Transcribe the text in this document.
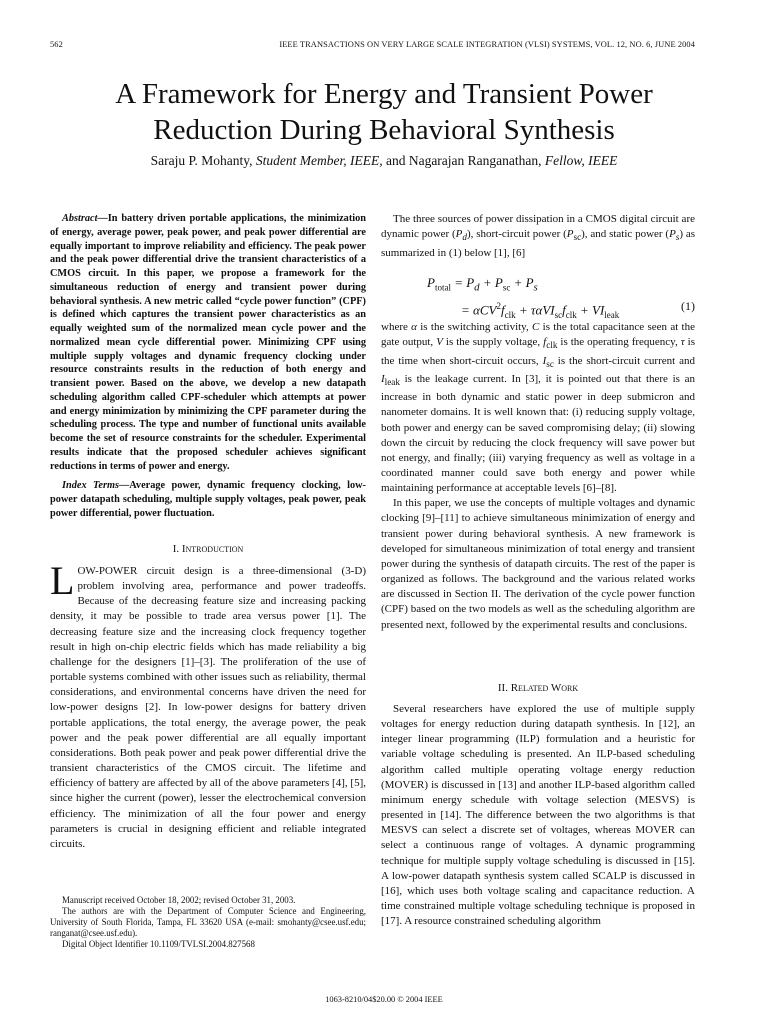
562	IEEE TRANSACTIONS ON VERY LARGE SCALE INTEGRATION (VLSI) SYSTEMS, VOL. 12, NO. 6, JUNE 2004
A Framework for Energy and Transient Power
Reduction During Behavioral Synthesis
Saraju P. Mohanty, Student Member, IEEE, and Nagarajan Ranganathan, Fellow, IEEE

Abstract—In battery driven portable applications, the minimization of energy, average power, peak power, and peak power differential are equally important to improve reliability and efficiency. The peak power and the peak power differential drive the transient characteristics of a CMOS circuit. In this paper, we propose a framework for the simultaneous reduction of energy and transient power during behavioral synthesis. A new metric called “cycle power function” (CPF) is defined which captures the transient power characteristics as an equally weighted sum of the normalized mean cycle power and the normalized mean cycle differential power. Minimizing CPF using multiple supply voltages and dynamic frequency clocking under resource constraints results in the reduction of both energy and transient power. Based on the above, we develop a new datapath scheduling algorithm called CPF-scheduler which attempts at power and energy minimization by minimizing the CPF parameter during the scheduling process. The type and number of functional units available become the set of resource constraints for the scheduler. Experimental results indicate that the proposed scheduler achieves significant reductions in terms of power and energy.

Index Terms—Average power, dynamic frequency clocking, low-power datapath scheduling, multiple supply voltages, peak power, peak power differential, power fluctuation.

I. Introduction

LOW-POWER circuit design is a three-dimensional (3-D) problem involving area, performance and power tradeoffs. Because of the decreasing feature size and increasing packing density, it may be possible to trade area versus power [1]. The decreasing feature size and the increasing clock frequency together result in high on-chip electric fields which has made reliability a big challenge for the designers [1]–[3]. The proliferation of the use of portable systems combined with other issues such as reliability, thermal considerations, and environmental concerns have driven the need for low-power designs [2]. In low-power designs for battery driven portable applications, the total energy, the average power, the peak power and the peak power differential are all equally important considerations. Both peak power and peak power differential drive the transient characteristics of the CMOS circuit. The lifetime and efficiency of battery are affected by all of the above parameters [4], [5], since higher the current (power), lesser the electrochemical conversion efficiency. The minimization of all the four power and energy parameters is crucial in designing efficient and reliable integrated circuits.

Manuscript received October 18, 2002; revised October 31, 2003.

The authors are with the Department of Computer Science and Engineering, University of South Florida, Tampa, FL 33620 USA (e-mail: smohanty@csee.usf.edu; ranganat@csee.usf.edu).

Digital Object Identifier 10.1109/TVLSI.2004.827568

The three sources of power dissipation in a CMOS digital circuit are dynamic power $(P_d)$, short-circuit power $(P_{sc})$, and static power $(P_s)$ as summarized in (1) below [1], [6]

$P_{total} = P_d + P_{sc} + P_s$
= $\alpha CV^2f_{clk} + \tau\alpha VI_{sc}f_{clk} + VI_{leak}$
(1)

where α is the switching activity, C is the total capacitance seen at the gate output, V is the supply voltage, $f_{clk}$ is the operating frequency, τ is the time when short-circuit occurs, $I_{sc}$ is the short-circuit current and $I_{leak}$ is the leakage current. In [3], it is pointed out that there is an increase in both dynamic and static power in deep submicron and nanometer domains. It is well known that: (i) reducing supply voltage, both power and energy can be saved compromising delay; (ii) slowing down the circuit by reducing the clock frequency will save power but not energy, and finally; (iii) varying frequency as well as voltage in a coordinated manner could save both energy and power while maintaining performance at acceptable levels [6]–[8].

In this paper, we use the concepts of multiple voltages and dynamic clocking [9]–[11] to achieve simultaneous minimization of energy and transient power during behavioral synthesis. A new framework is developed for simultaneous minimization of total energy and transient power during the synthesis of datapath circuits. The rest of the paper is organized as follows. The background and the various related works are discussed in Section II. The derivation of the cycle power function (CPF) based on the two models as well as the scheduling algorithm are presented next, followed by the experimental results and conclusions.

II. Related Work

Several researchers have explored the use of multiple supply voltages for energy reduction during datapath synthesis. In [12], an integer linear programming (ILP) formulation and a heuristic for variable voltage scheduling is presented. An ILP-based scheduling algorithm called multiple operating voltage energy reduction (MOVER) is discussed in [13] and another ILP-based algorithm called minimum energy schedule with voltage selection (MESVS) is presented in [14]. The difference between the two algorithms is that MESVS can select a discrete set of voltages, whereas MOVER can select a continuous range of voltages. A dynamic programming technique for multiple supply voltage scheduling is discussed in [15]. A low-power datapath synthesis system called SCALP is discussed in [16], which uses both voltage scaling and capacitance reduction. A time constrained multiple voltage scheduling technique is proposed in [17]. A resource constrained scheduling algorithm

1063-8210/04$20.00 © 2004 IEEE
